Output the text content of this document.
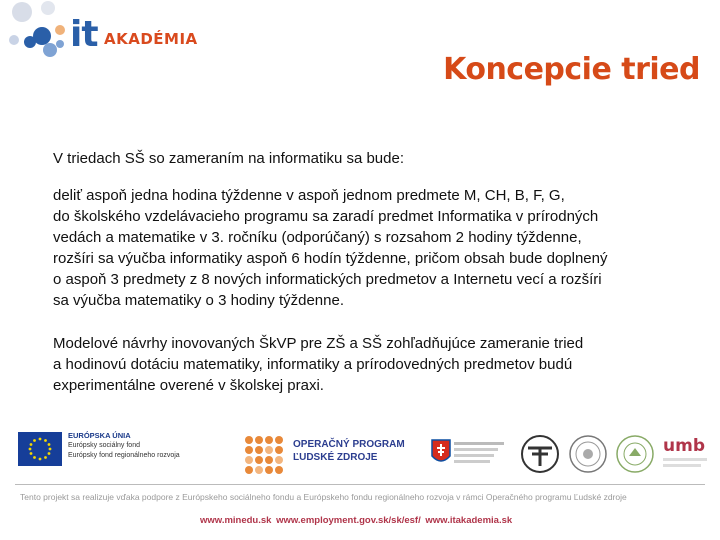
it AKADÉMIA
Koncepcie tried

V triedach SŠ so zameraním na informatiku sa bude:

deliť aspoň jedna hodina týždenne v aspoň jednom predmete M, CH, B, F, G,
do školského vzdelávacieho programu sa zaradí predmet Informatika v prírodných
vedách a matematike v 3. ročníku (odporúčaný) s rozsahom 2 hodiny týždenne,
rozšíri sa výučba informatiky aspoň 6 hodín týždenne, pričom obsah bude doplnený
o aspoň 3 predmety z 8 nových informatických predmetov a Internetu vecí a rozšíri
sa výučba matematiky o 3 hodiny týždenne.
Modelové návrhy inovovaných ŠkVP pre ZŠ a SŠ zohľadňujúce zameranie tried
a hodinovú dotáciu matematiky, informatiky a prírodovedných predmetov budú
experimentálne overené v školskej praxi.
EURÓPSKA ÚNIA
Európsky sociálny fond
Európsky fond regionálneho rozvoja
OPERAČNÝ PROGRAM
ĽUDSKÉ ZDROJE
umb
Tento projekt sa realizuje vďaka podpore z Európskeho sociálneho fondu a Európskeho fondu regionálneho rozvoja v rámci Operačného programu Ľudské zdroje
www.minedu.sk www.employment.gov.sk/sk/esf/ www.itakademia.sk
